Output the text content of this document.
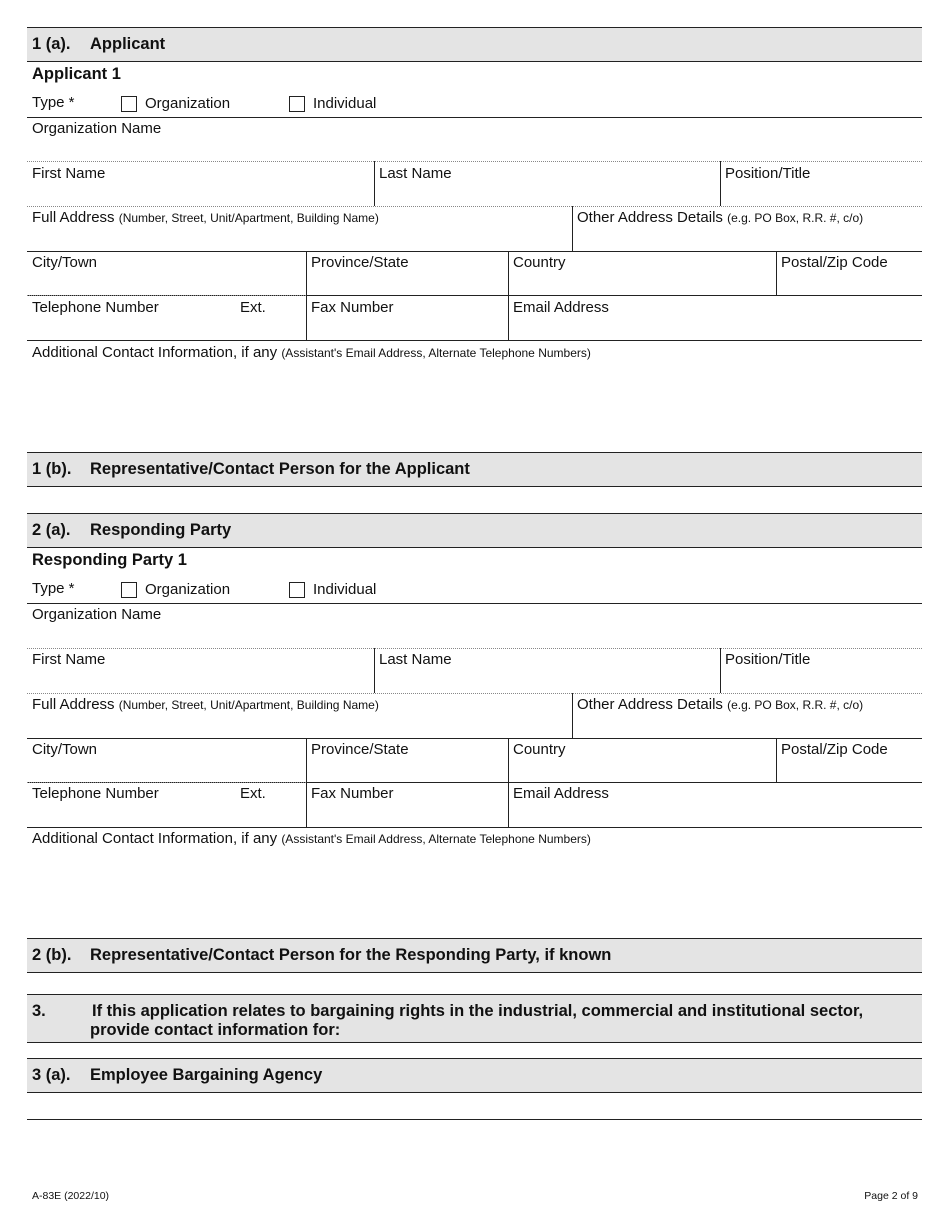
1 (a). Applicant
Applicant 1
Type *	Organization	Individual
Organization Name
First Name	Last Name	Position/Title
Full Address (Number, Street, Unit/Apartment, Building Name)	Other Address Details (e.g. PO Box, R.R. #, c/o)
City/Town	Province/State	Country	Postal/Zip Code
Telephone Number	Ext.	Fax Number	Email Address
Additional Contact Information, if any (Assistant's Email Address, Alternate Telephone Numbers)
1 (b). Representative/Contact Person for the Applicant
2 (a). Responding Party
Responding Party 1
Type *	Organization	Individual
Organization Name
First Name	Last Name	Position/Title
Full Address (Number, Street, Unit/Apartment, Building Name)	Other Address Details (e.g. PO Box, R.R. #, c/o)
City/Town	Province/State	Country	Postal/Zip Code
Telephone Number	Ext.	Fax Number	Email Address
Additional Contact Information, if any (Assistant's Email Address, Alternate Telephone Numbers)
2 (b). Representative/Contact Person for the Responding Party, if known
3.	If this application relates to bargaining rights in the industrial, commercial and institutional sector,
provide contact information for:
3 (a). Employee Bargaining Agency
A-83E (2022/10)	Page 2 of 9
